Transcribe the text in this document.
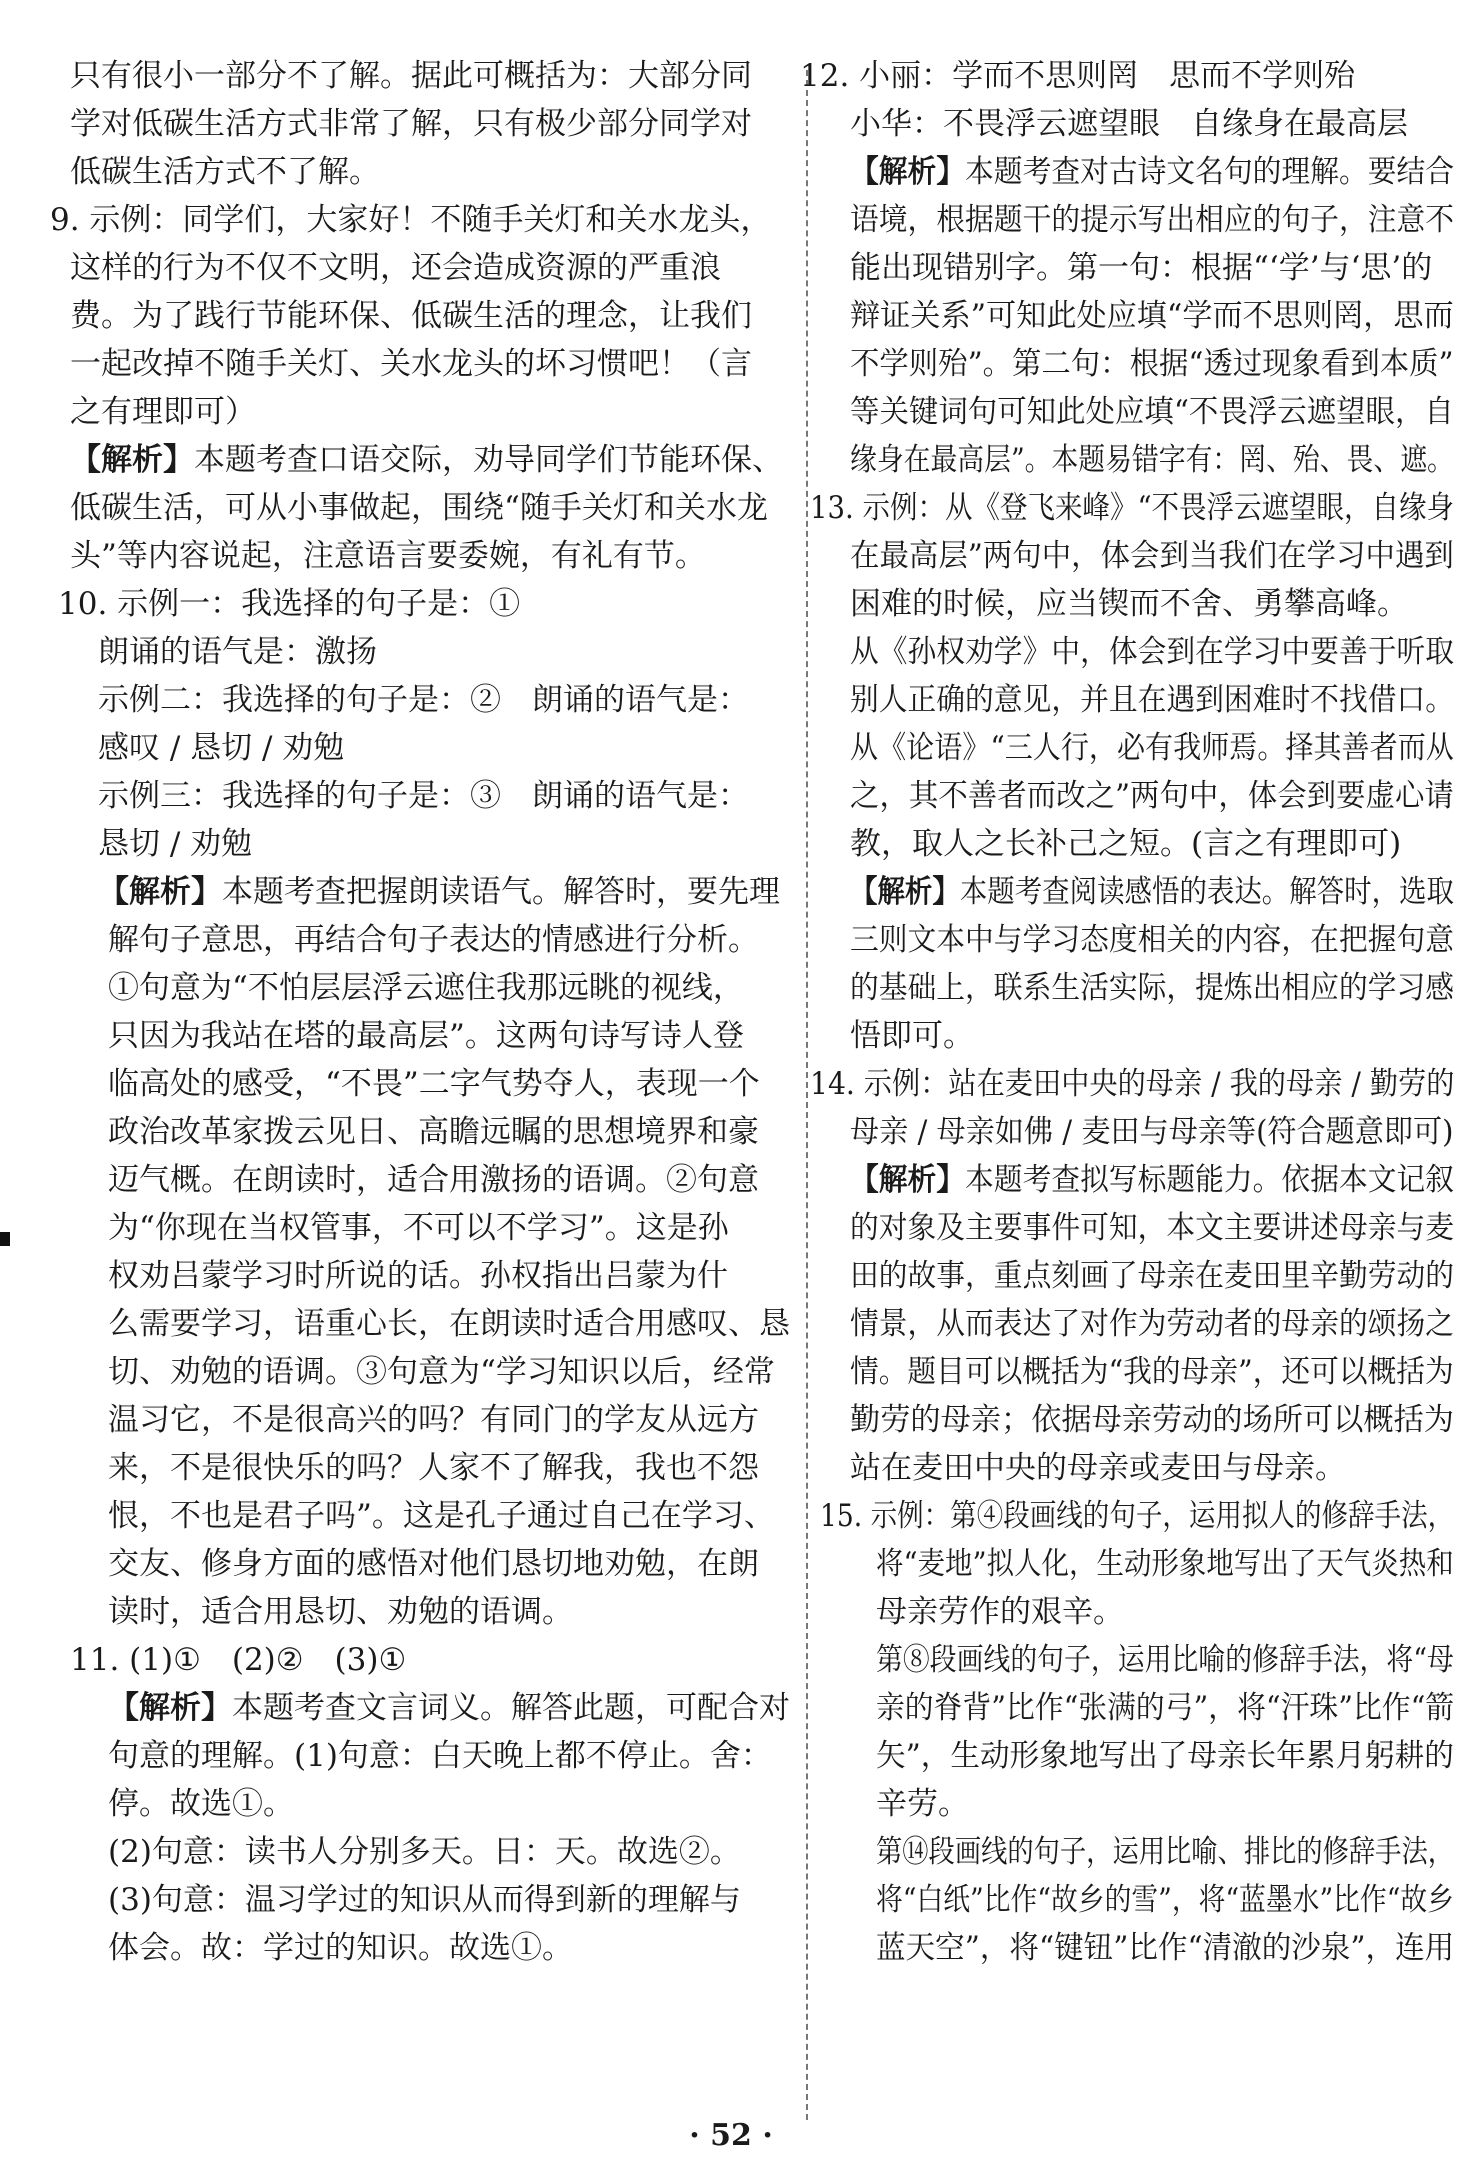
只有很小一部分不了解。据此可概括为：大部分同
学对低碳生活方式非常了解，只有极少部分同学对
低碳生活方式不了解。
9. 示例：同学们，大家好！不随手关灯和关水龙头，
这样的行为不仅不文明，还会造成资源的严重浪
费。为了践行节能环保、低碳生活的理念，让我们
一起改掉不随手关灯、关水龙头的坏习惯吧！（言
之有理即可）
【解析】本题考查口语交际，劝导同学们节能环保、
低碳生活，可从小事做起，围绕“随手关灯和关水龙
头”等内容说起，注意语言要委婉，有礼有节。
10. 示例一：我选择的句子是：①
朗诵的语气是：激扬
示例二：我选择的句子是：②　朗诵的语气是：
感叹 / 恳切 / 劝勉
示例三：我选择的句子是：③　朗诵的语气是：
恳切 / 劝勉
【解析】本题考查把握朗读语气。解答时，要先理
解句子意思，再结合句子表达的情感进行分析。
①句意为“不怕层层浮云遮住我那远眺的视线，
只因为我站在塔的最高层”。这两句诗写诗人登
临高处的感受，“不畏”二字气势夺人，表现一个
政治改革家拨云见日、高瞻远瞩的思想境界和豪
迈气概。在朗读时，适合用激扬的语调。②句意
为“你现在当权管事，不可以不学习”。这是孙
权劝吕蒙学习时所说的话。孙权指出吕蒙为什
么需要学习，语重心长，在朗读时适合用感叹、恳
切、劝勉的语调。③句意为“学习知识以后，经常
温习它，不是很高兴的吗？有同门的学友从远方
来，不是很快乐的吗？人家不了解我，我也不怨
恨，不也是君子吗”。这是孔子通过自己在学习、
交友、修身方面的感悟对他们恳切地劝勉，在朗
读时，适合用恳切、劝勉的语调。
11. (1)①　(2)②　(3)①
【解析】本题考查文言词义。解答此题，可配合对
句意的理解。(1)句意：白天晚上都不停止。舍：
停。故选①。
(2)句意：读书人分别多天。日：天。故选②。
(3)句意：温习学过的知识从而得到新的理解与
体会。故：学过的知识。故选①。
12. 小丽：学而不思则罔　思而不学则殆
小华：不畏浮云遮望眼　自缘身在最高层
【解析】本题考查对古诗文名句的理解。要结合
语境，根据题干的提示写出相应的句子，注意不
能出现错别字。第一句：根据“‘学’与‘思’的
辩证关系”可知此处应填“学而不思则罔，思而
不学则殆”。第二句：根据“透过现象看到本质”
等关键词句可知此处应填“不畏浮云遮望眼，自
缘身在最高层”。本题易错字有：罔、殆、畏、遮。
13. 示例：从《登飞来峰》“不畏浮云遮望眼，自缘身
在最高层”两句中，体会到当我们在学习中遇到
困难的时候，应当锲而不舍、勇攀高峰。
从《孙权劝学》中，体会到在学习中要善于听取
别人正确的意见，并且在遇到困难时不找借口。
从《论语》“三人行，必有我师焉。择其善者而从
之，其不善者而改之”两句中，体会到要虚心请
教，取人之长补己之短。(言之有理即可)
【解析】本题考查阅读感悟的表达。解答时，选取
三则文本中与学习态度相关的内容，在把握句意
的基础上，联系生活实际，提炼出相应的学习感
悟即可。
14. 示例：站在麦田中央的母亲 / 我的母亲 / 勤劳的
母亲 / 母亲如佛 / 麦田与母亲等(符合题意即可)
【解析】本题考查拟写标题能力。依据本文记叙
的对象及主要事件可知，本文主要讲述母亲与麦
田的故事，重点刻画了母亲在麦田里辛勤劳动的
情景，从而表达了对作为劳动者的母亲的颂扬之
情。题目可以概括为“我的母亲”，还可以概括为
勤劳的母亲；依据母亲劳动的场所可以概括为
站在麦田中央的母亲或麦田与母亲。
15. 示例：第④段画线的句子，运用拟人的修辞手法，
将“麦地”拟人化，生动形象地写出了天气炎热和
母亲劳作的艰辛。
第⑧段画线的句子，运用比喻的修辞手法，将“母
亲的脊背”比作“张满的弓”，将“汗珠”比作“箭
矢”，生动形象地写出了母亲长年累月躬耕的
辛劳。
第⑭段画线的句子，运用比喻、排比的修辞手法，
将“白纸”比作“故乡的雪”，将“蓝墨水”比作“故乡
蓝天空”，将“键钮”比作“清澈的沙泉”，连用
· 52 ·
